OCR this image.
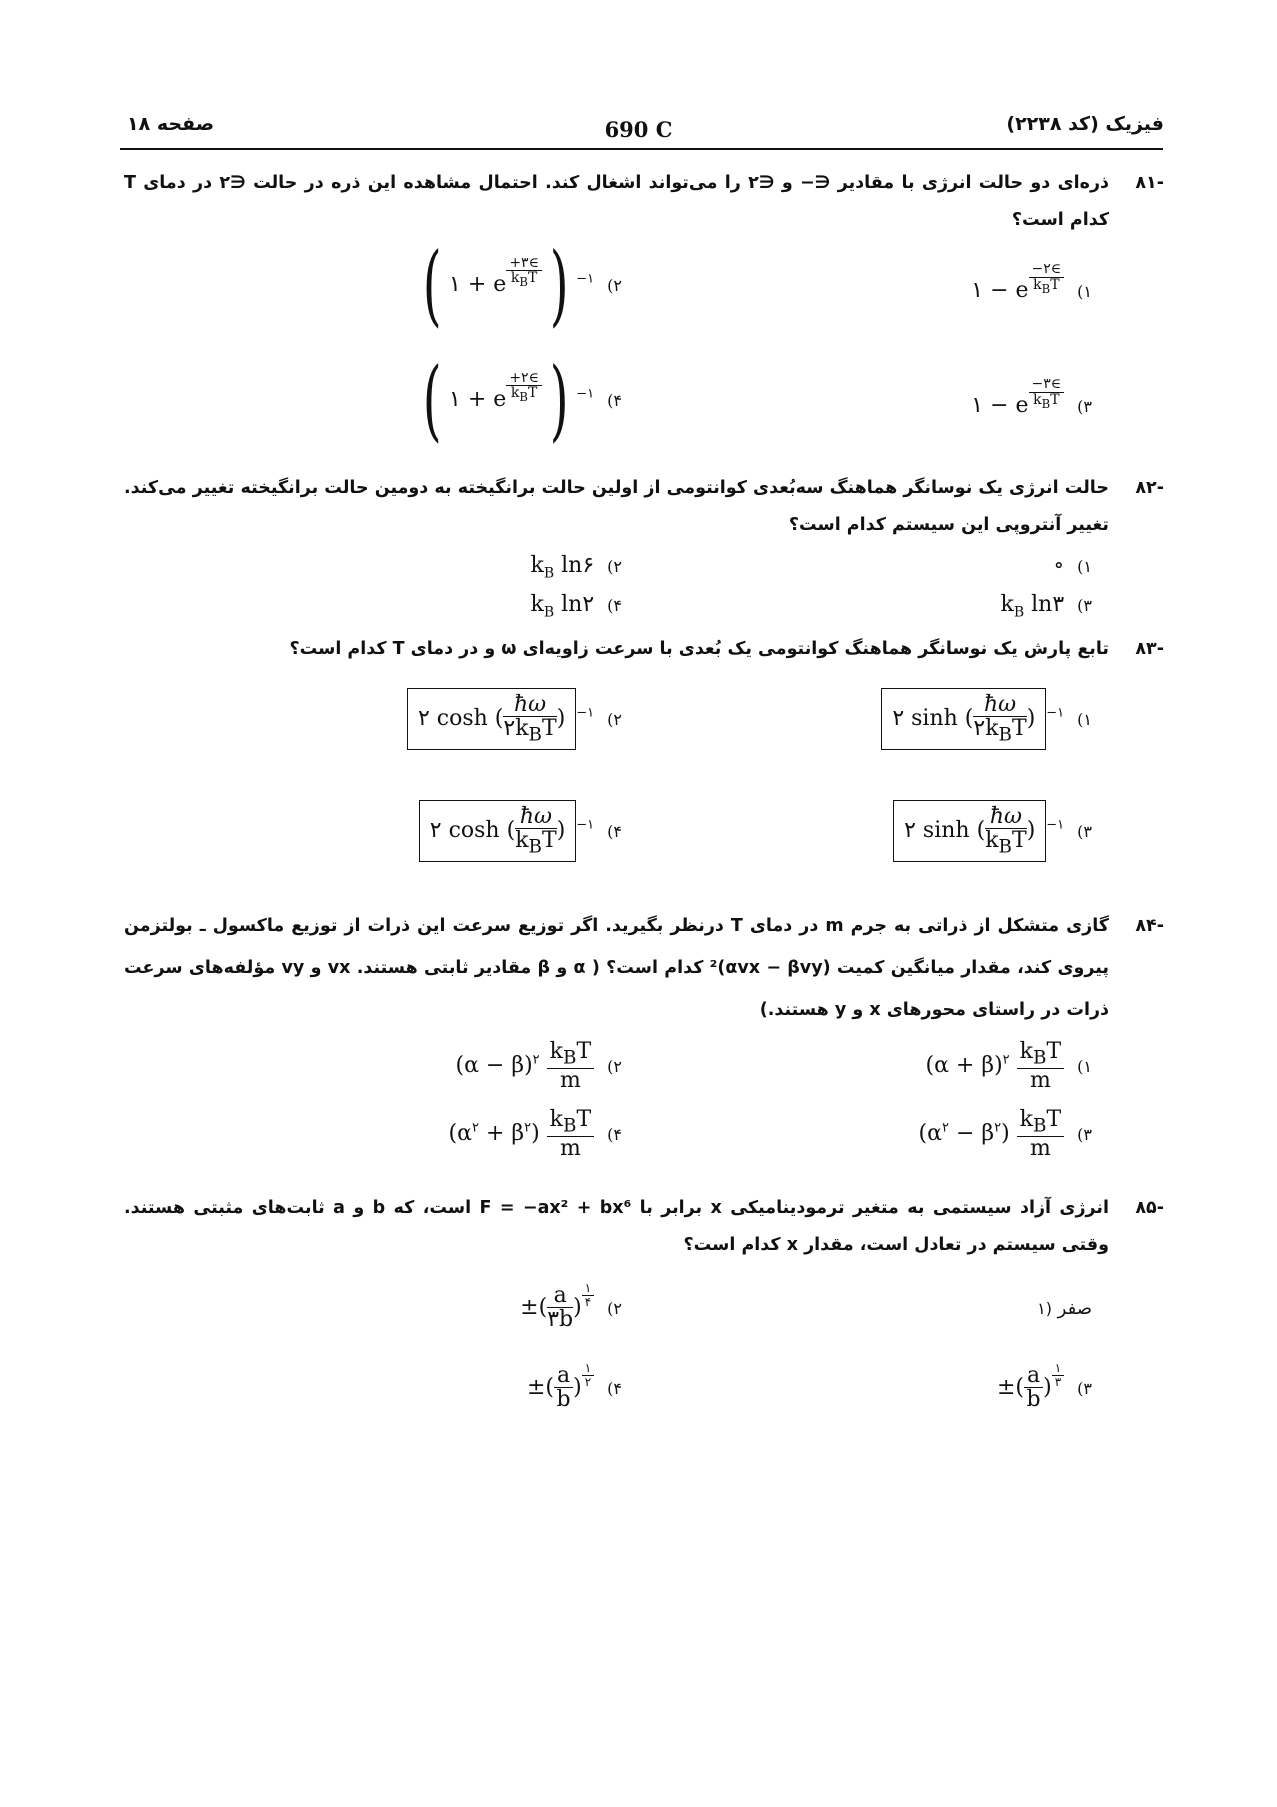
فیزیک (کد ۲۲۳۸)
690 C
صفحه ۱۸
۸۱-
ذره‌ای دو حالت انرژی با مقادیر ∈− و ∈۲ را می‌تواند اشغال کند. احتمال مشاهده این ذره در حالت ∈۲ در دمای T کدام است؟
۱ − e $\frac{-۲\in}{k_BT}$ (۱
( ۱ + e $\frac{+۳\in}{k_BT}$ ) $^{-۱}$ (۲
۱ − e $\frac{-۳\in}{k_BT}$ (۳
( ۱ + e $\frac{+۲\in}{k_BT}$ ) $^{-۱}$ (۴
۸۲-
حالت انرژی یک نوسانگر هماهنگ سه‌بُعدی کوانتومی از اولین حالت برانگیخته به دومین حالت برانگیخته تغییر می‌کند. تغییر آنتروپی این سیستم کدام است؟
∘ (۱
$k_B$ ln۶ (۲
$k_B$ ln۳ (۳
$k_B$ ln۲ (۴
۸۳-
تابع پارش یک نوسانگر هماهنگ کوانتومی یک بُعدی با سرعت زاویه‌ای ω و در دمای T کدام است؟
۲ sinh ( $\frac{ħ\omega}{۲k_BT}$ ) $^{-۱}$ (۱
۲ cosh ( $\frac{ħ\omega}{۲k_BT}$ ) $^{-۱}$ (۲
۲ sinh ( $\frac{ħ\omega}{k_BT}$ ) $^{-۱}$ (۳
۲ cosh ( $\frac{ħ\omega}{k_BT}$ ) $^{-۱}$ (۴
۸۴-
گازی متشکل از ذراتی به جرم m در دمای T درنظر بگیرید. اگر توزیع سرعت این ذرات از توزیع ماکسول ـ بولتزمن پیروی کند، مقدار میانگین کمیت (αvx − βvy)² کدام است؟ ( α و β مقادیر ثابتی هستند. vx و vy مؤلفه‌های سرعت ذرات در راستای محورهای x و y هستند.)
$(\alpha + \beta)^۲ \frac{k_BT}{m}$ (۱
$(\alpha - \beta)^۲ \frac{k_BT}{m}$ (۲
$(\alpha^۲ - \beta^۲) \frac{k_BT}{m}$ (۳
$(\alpha^۲ + \beta^۲) \frac{k_BT}{m}$ (۴
۸۵-
انرژی آزاد سیستمی به متغیر ترمودینامیکی x برابر با F = −ax² + bx⁶ است، که b و a ثابت‌های مثبتی هستند. وقتی سیستم در تعادل است، مقدار x کدام است؟
صفر (۱
±( $\frac{a}{۳b}$ ) $\frac{۱}{۴}$
(۲
±( $\frac{a}{b}$ ) $\frac{۱}{۳}$
(۳
±( $\frac{a}{b}$ ) $\frac{۱}{۲}$
(۴
